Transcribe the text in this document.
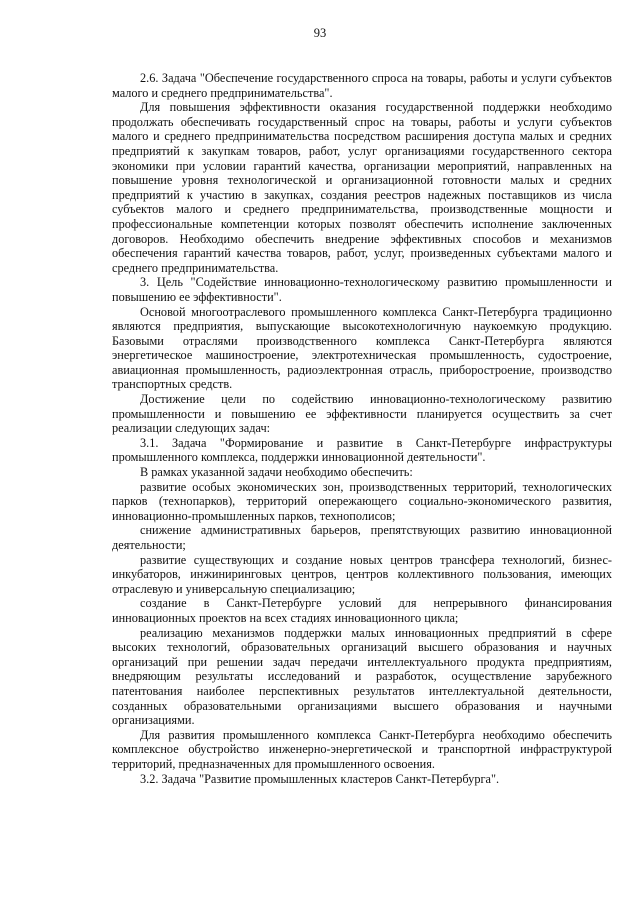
93

2.6. Задача "Обеспечение государственного спроса на товары, работы и услуги субъектов малого и среднего предпринимательства".

Для повышения эффективности оказания государственной поддержки необходимо продолжать обеспечивать государственный спрос на товары, работы и услуги субъектов малого и среднего предпринимательства посредством расширения доступа малых и средних предприятий к закупкам товаров, работ, услуг организациями государственного сектора экономики при условии гарантий качества, организации мероприятий, направленных на повышение уровня технологической и организационной готовности малых и средних предприятий к участию в закупках, создания реестров надежных поставщиков из числа субъектов малого и среднего предпринимательства, производственные мощности и профессиональные компетенции которых позволят обеспечить исполнение заключенных договоров. Необходимо обеспечить внедрение эффективных способов и механизмов обеспечения гарантий качества товаров, работ, услуг, произведенных субъектами малого и среднего предпринимательства.

3. Цель "Содействие инновационно-технологическому развитию промышленности и повышению ее эффективности".

Основой многоотраслевого промышленного комплекса Санкт-Петербурга традиционно являются предприятия, выпускающие высокотехнологичную наукоемкую продукцию. Базовыми отраслями производственного комплекса Санкт-Петербурга являются энергетическое машиностроение, электротехническая промышленность, судостроение, авиационная промышленность, радиоэлектронная отрасль, приборостроение, производство транспортных средств.

Достижение цели по содействию инновационно-технологическому развитию промышленности и повышению ее эффективности планируется осуществить за счет реализации следующих задач:

3.1. Задача "Формирование и развитие в Санкт-Петербурге инфраструктуры промышленного комплекса, поддержки инновационной деятельности".

В рамках указанной задачи необходимо обеспечить:

развитие особых экономических зон, производственных территорий, технологических парков (технопарков), территорий опережающего социально-экономического развития, инновационно-промышленных парков, технополисов;

снижение административных барьеров, препятствующих развитию инновационной деятельности;

развитие существующих и создание новых центров трансфера технологий, бизнес-инкубаторов, инжиниринговых центров, центров коллективного пользования, имеющих отраслевую и универсальную специализацию;

создание в Санкт-Петербурге условий для непрерывного финансирования инновационных проектов на всех стадиях инновационного цикла;

реализацию механизмов поддержки малых инновационных предприятий в сфере высоких технологий, образовательных организаций высшего образования и научных организаций при решении задач передачи интеллектуального продукта предприятиям, внедряющим результаты исследований и разработок, осуществление зарубежного патентования наиболее перспективных результатов интеллектуальной деятельности, созданных образовательными организациями высшего образования и научными организациями.

Для развития промышленного комплекса Санкт-Петербурга необходимо обеспечить комплексное обустройство инженерно-энергетической и транспортной инфраструктурой территорий, предназначенных для промышленного освоения.

3.2. Задача "Развитие промышленных кластеров Санкт-Петербурга".
